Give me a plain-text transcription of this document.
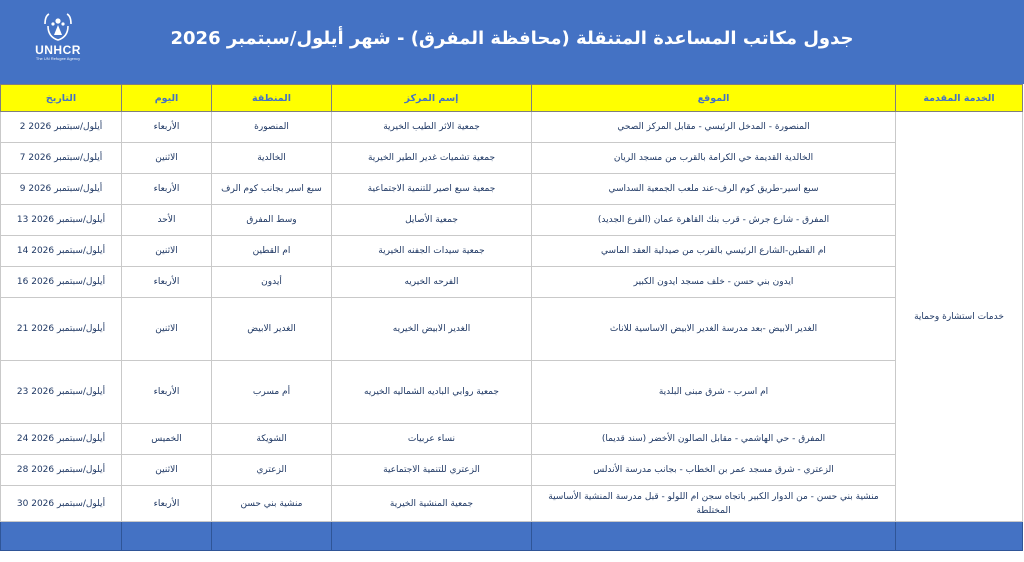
UNHCR
The UN Refugee Agency
جدول مكاتب المساعدة المتنقلة (محافظة المفرق) - شهر أيلول/سبتمبر 2026
الخدمة المقدمة	الموقع	إسم المركز	المنطقة	اليوم	التاريخ
خدمات استشارة وحماية	المنصورة - المدخل الرئيسي - مقابل المركز الصحي	جمعية الاثر الطيب الخيرية	المنصورة	الأربعاء	2 أيلول/سبتمبر 2026
	الخالدية القديمة حي الكرامة بالقرب من مسجد الريان	جمعية تشميات غدير الطير الخيرية	الخالدية	الاثنين	7 أيلول/سبتمبر 2026
	سبع اسير-طريق كوم الرف-عند ملعب الجمعية السداسي	جمعية سبع اصير للتنمية الاجتماعية	سبع اسير بجانب كوم الرف	الأربعاء	9 أيلول/سبتمبر 2026
	المفرق - شارع جرش - قرب بنك القاهرة عمان (الفرع الجديد)	جمعية الأصايل	وسط المفرق	الأحد	13 أيلول/سبتمبر 2026
	ام القطين-الشارع الرئيسي بالقرب من صيدلية العقد الماسي	جمعية سيدات الجفنه الخيرية	ام القطين	الاثنين	14 أيلول/سبتمبر 2026
	ايدون بني حسن - خلف مسجد ايدون الكبير	الفرحه الخيريه	أيدون	الأربعاء	16 أيلول/سبتمبر 2026
	الغدير الابيض -بعد مدرسة الغدير الابيض الاساسية للاناث	الغدير الابيض الخيريه	الغدير الابيض	الاثنين	21 أيلول/سبتمبر 2026
	ام اسرب - شرق مبنى البلدية	جمعية روابي الباديه الشماليه الخيريه	أم مسرب	الأربعاء	23 أيلول/سبتمبر 2026
	المفرق - حي الهاشمي - مقابل الصالون الأخضر (سند قديما)	نساء عربيات	الشويكة	الخميس	24 أيلول/سبتمبر 2026
	الزعتري - شرق مسجد عمر بن الخطاب - بجانب مدرسة الأندلس	الزعتري للتنمية الاجتماعية	الزعتري	الاثنين	28 أيلول/سبتمبر 2026
	منشية بني حسن - من الدوار الكبير باتجاه سجن ام اللولو - قبل مدرسة المنشية الأساسية المختلطة	جمعية المنشية الخيرية	منشية بني حسن	الأربعاء	30 أيلول/سبتمبر 2026
